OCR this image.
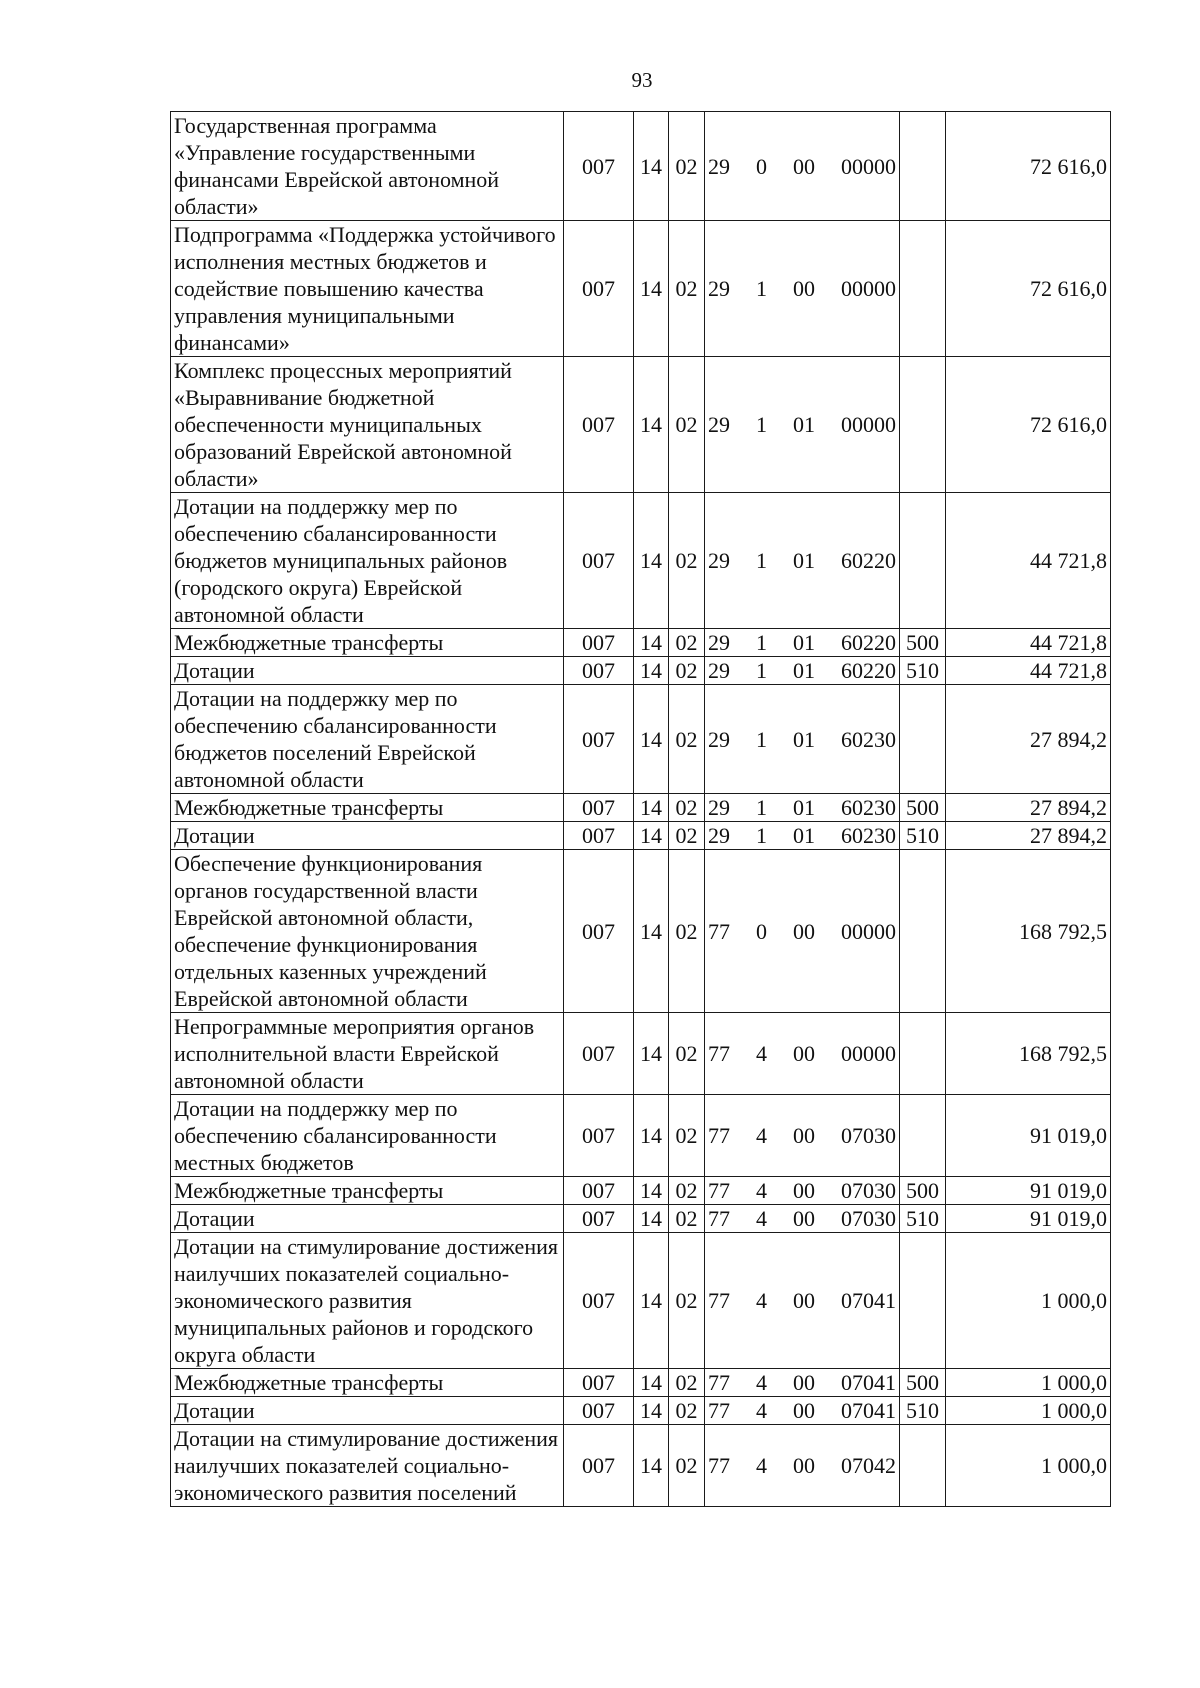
93
Государственная программа «Управление государственными финансами Еврейской автономной области»	007	14	02	29 0 00 00000		72 616,0
Подпрограмма «Поддержка устойчивого исполнения местных бюджетов и содействие повышению качества управления муниципальными финансами»	007	14	02	29 1 00 00000		72 616,0
Комплекс процессных мероприятий «Выравнивание бюджетной обеспеченности муниципальных образований Еврейской автономной области»	007	14	02	29 1 01 00000		72 616,0
Дотации на поддержку мер по обеспечению сбалансированности бюджетов муниципальных районов (городского округа) Еврейской автономной области	007	14	02	29 1 01 60220		44 721,8
Межбюджетные трансферты	007	14	02	29 1 01 60220	500	44 721,8
Дотации	007	14	02	29 1 01 60220	510	44 721,8
Дотации на поддержку мер по обеспечению сбалансированности бюджетов поселений Еврейской автономной области	007	14	02	29 1 01 60230		27 894,2
Межбюджетные трансферты	007	14	02	29 1 01 60230	500	27 894,2
Дотации	007	14	02	29 1 01 60230	510	27 894,2
Обеспечение функционирования органов государственной власти Еврейской автономной области, обеспечение функционирования отдельных казенных учреждений Еврейской автономной области	007	14	02	77 0 00 00000		168 792,5
Непрограммные мероприятия органов исполнительной власти Еврейской автономной области	007	14	02	77 4 00 00000		168 792,5
Дотации на поддержку мер по обеспечению сбалансированности местных бюджетов	007	14	02	77 4 00 07030		91 019,0
Межбюджетные трансферты	007	14	02	77 4 00 07030	500	91 019,0
Дотации	007	14	02	77 4 00 07030	510	91 019,0
Дотации на стимулирование достижения наилучших показателей социально-экономического развития муниципальных районов и городского округа области	007	14	02	77 4 00 07041		1 000,0
Межбюджетные трансферты	007	14	02	77 4 00 07041	500	1 000,0
Дотации	007	14	02	77 4 00 07041	510	1 000,0
Дотации на стимулирование достижения наилучших показателей социально-экономического развития поселений	007	14	02	77 4 00 07042		1 000,0
